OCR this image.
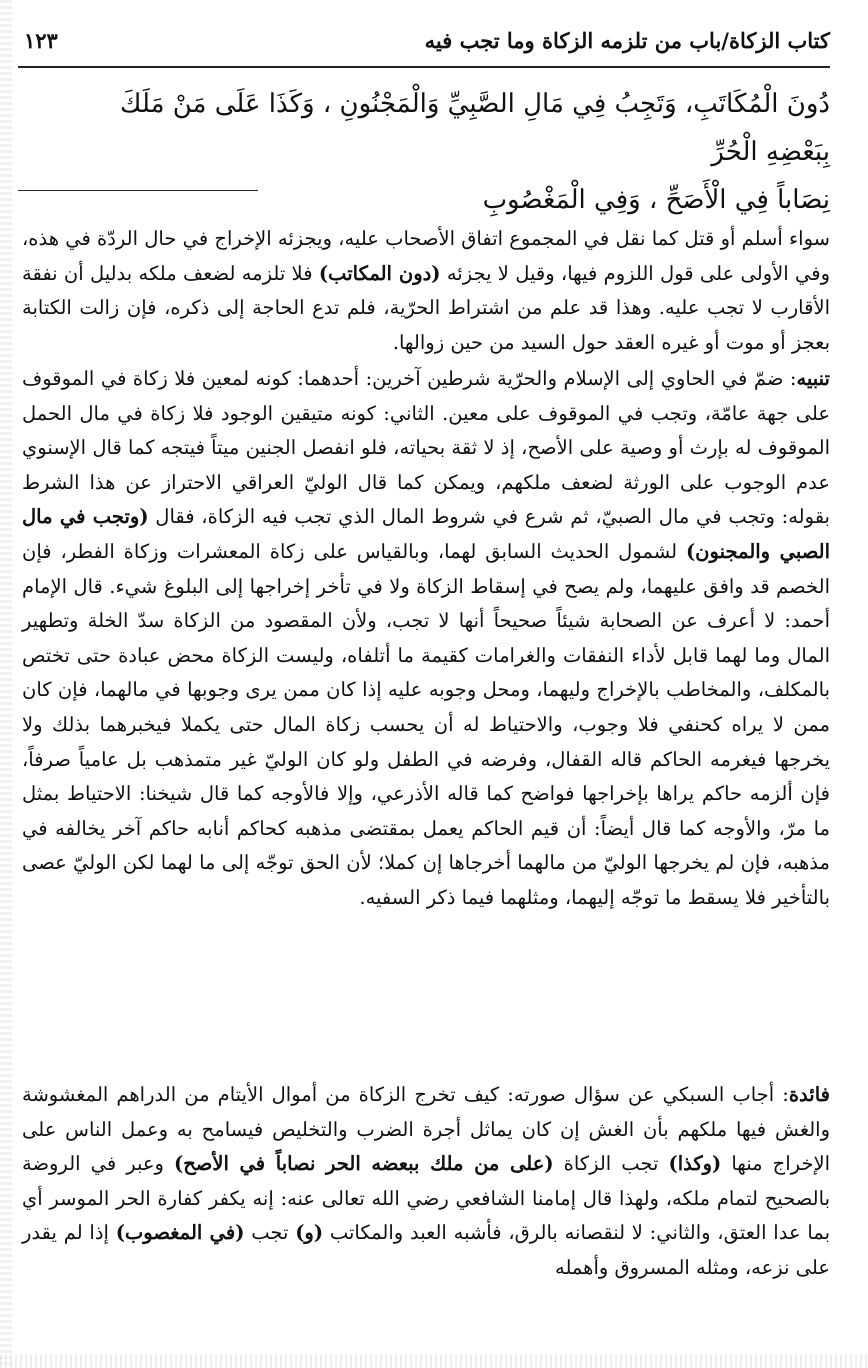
١٢٣	كتاب الزكاة/باب من تلزمه الزكاة وما تجب فيه
دُونَ الْمُكَاتَبِ، وَتَجِبُ فِي مَالِ الصَّبِيِّ وَالْمَجْنُونِ ، وَكَذَا عَلَى مَنْ مَلَكَ بِبَعْضِهِ الْحُرِّ
نِصَاباً فِي الْأَصَحِّ ، وَفِي الْمَغْصُوبِ

سواء أسلم أو قتل كما نقل في المجموع اتفاق الأصحاب عليه، ويجزئه الإخراج في حال الردّة في هذه، وفي الأولى على قول اللزوم فيها، وقيل لا يجزئه (دون المكاتب) فلا تلزمه لضعف ملكه بدليل أن نفقة الأقارب لا تجب عليه. وهذا قد علم من اشتراط الحرّية، فلم تدع الحاجة إلى ذكره، فإن زالت الكتابة بعجز أو موت أو غيره العقد حول السيد من حين زوالها.

تنبيه: ضمّ في الحاوي إلى الإسلام والحرّية شرطين آخرين: أحدهما: كونه لمعين فلا زكاة في الموقوف على جهة عامّة، وتجب في الموقوف على معين. الثاني: كونه متيقين الوجود فلا زكاة في مال الحمل الموقوف له بإرث أو وصية على الأصح، إذ لا ثقة بحياته، فلو انفصل الجنين ميتاً فيتجه كما قال الإسنوي عدم الوجوب على الورثة لضعف ملكهم، ويمكن كما قال الوليّ العراقي الاحتراز عن هذا الشرط بقوله: وتجب في مال الصبيّ، ثم شرع في شروط المال الذي تجب فيه الزكاة، فقال (وتجب في مال الصبي والمجنون) لشمول الحديث السابق لهما، وبالقياس على زكاة المعشرات وزكاة الفطر، فإن الخصم قد وافق عليهما، ولم يصح في إسقاط الزكاة ولا في تأخر إخراجها إلى البلوغ شيء. قال الإمام أحمد: لا أعرف عن الصحابة شيئاً صحيحاً أنها لا تجب، ولأن المقصود من الزكاة سدّ الخلة وتطهير المال وما لهما قابل لأداء النفقات والغرامات كقيمة ما أتلفاه، وليست الزكاة محض عبادة حتى تختص بالمكلف، والمخاطب بالإخراج وليهما، ومحل وجوبه عليه إذا كان ممن يرى وجوبها في مالهما، فإن كان ممن لا يراه كحنفي فلا وجوب، والاحتياط له أن يحسب زكاة المال حتى يكملا فيخبرهما بذلك ولا يخرجها فيغرمه الحاكم قاله القفال، وفرضه في الطفل ولو كان الوليّ غير متمذهب بل عامياً صرفاً، فإن ألزمه حاكم يراها بإخراجها فواضح كما قاله الأذرعي، وإلا فالأوجه كما قال شيخنا: الاحتياط بمثل ما مرّ، والأوجه كما قال أيضاً: أن قيم الحاكم يعمل بمقتضى مذهبه كحاكم أنابه حاكم آخر يخالفه في مذهبه، فإن لم يخرجها الوليّ من مالهما أخرجاها إن كملا؛ لأن الحق توجّه إلى ما لهما لكن الوليّ عصى بالتأخير فلا يسقط ما توجّه إليهما، ومثلهما فيما ذكر السفيه.

فائدة: أجاب السبكي عن سؤال صورته: كيف تخرج الزكاة من أموال الأيتام من الدراهم المغشوشة والغش فيها ملكهم بأن الغش إن كان يماثل أجرة الضرب والتخليص فيسامح به وعمل الناس على الإخراج منها (وكذا) تجب الزكاة (على من ملك ببعضه الحر نصاباً في الأصح) وعبر في الروضة بالصحيح لتمام ملكه، ولهذا قال إمامنا الشافعي رضي الله تعالى عنه: إنه يكفر كفارة الحر الموسر أي بما عدا العتق، والثاني: لا لنقصانه بالرق، فأشبه العبد والمكاتب (و) تجب (في المغصوب) إذا لم يقدر على نزعه، ومثله المسروق وأهمله
